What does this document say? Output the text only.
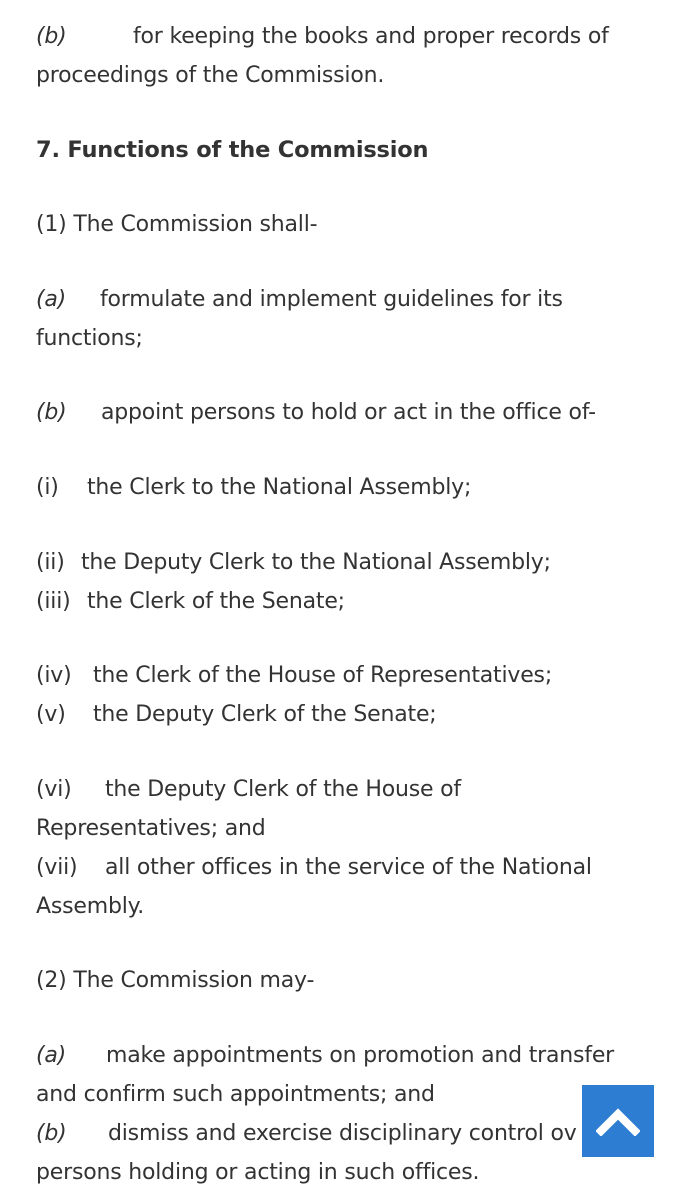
(b)	for keeping the books and proper records of
proceedings of the Commission.
7. Functions of the Commission
(1) The Commission shall-
(a) formulate and implement guidelines for its
functions;
(b) appoint persons to hold or act in the office of-
(i) the Clerk to the National Assembly;
(ii) the Deputy Clerk to the National Assembly;
(iii) the Clerk of the Senate;
(iv) the Clerk of the House of Representatives;
(v) the Deputy Clerk of the Senate;
(vi) the Deputy Clerk of the House of
Representatives; and
(vii) all other offices in the service of the National
Assembly.
(2) The Commission may-
(a) make appointments on promotion and transfer
and confirm such appointments; and
(b) dismiss and exercise disciplinary control ov
persons holding or acting in such offices.
